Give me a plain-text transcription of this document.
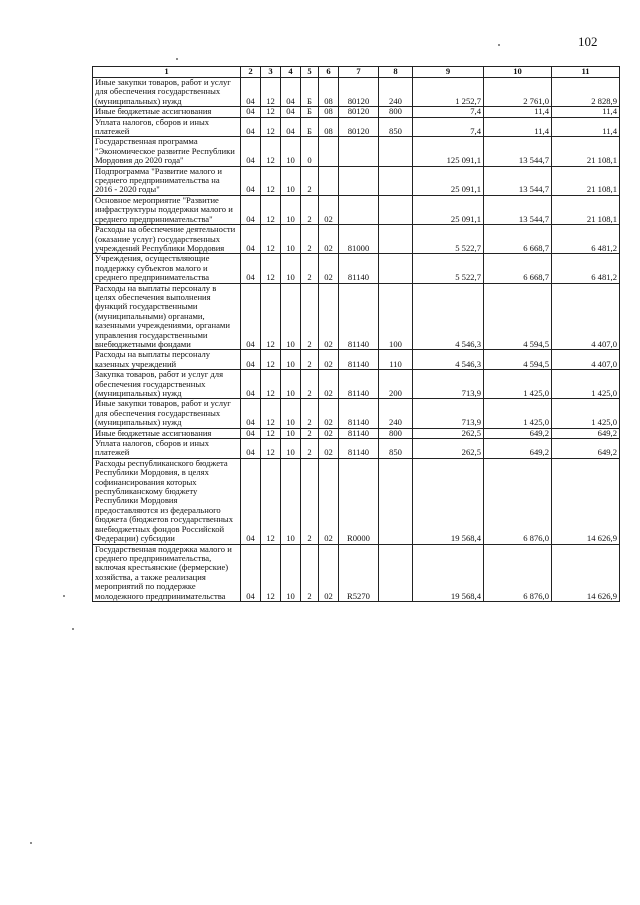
102
1	2	3	4	5	6	7	8	9	10	11
Иные закупки товаров, работ и услуг для обеспечения государственных (муниципальных) нужд	04	12	04	Б	08	80120	240	1 252,7	2 761,0	2 828,9
Иные бюджетные ассигнования	04	12	04	Б	08	80120	800	7,4	11,4	11,4
Уплата налогов, сборов и иных платежей	04	12	04	Б	08	80120	850	7,4	11,4	11,4
Государственная программа "Экономическое развитие Республики Мордовия до 2020 года"	04	12	10	0				125 091,1	13 544,7	21 108,1
Подпрограмма "Развитие малого и среднего предпринимательства на 2016 - 2020 годы"	04	12	10	2				25 091,1	13 544,7	21 108,1
Основное мероприятие "Развитие инфраструктуры поддержки малого и среднего предпринимательства"	04	12	10	2	02			25 091,1	13 544,7	21 108,1
Расходы на обеспечение деятельности (оказание услуг) государственных учреждений Республики Мордовия	04	12	10	2	02	81000		5 522,7	6 668,7	6 481,2
Учреждения, осуществляющие поддержку субъектов малого и среднего предпринимательства	04	12	10	2	02	81140		5 522,7	6 668,7	6 481,2
Расходы на выплаты персоналу в целях обеспечения выполнения функций государственными (муниципальными) органами, казенными учреждениями, органами управления государственными внебюджетными фондами	04	12	10	2	02	81140	100	4 546,3	4 594,5	4 407,0
Расходы на выплаты персоналу казенных учреждений	04	12	10	2	02	81140	110	4 546,3	4 594,5	4 407,0
Закупка товаров, работ и услуг для обеспечения государственных (муниципальных) нужд	04	12	10	2	02	81140	200	713,9	1 425,0	1 425,0
Иные закупки товаров, работ и услуг для обеспечения государственных (муниципальных) нужд	04	12	10	2	02	81140	240	713,9	1 425,0	1 425,0
Иные бюджетные ассигнования	04	12	10	2	02	81140	800	262,5	649,2	649,2
Уплата налогов, сборов и иных платежей	04	12	10	2	02	81140	850	262,5	649,2	649,2
Расходы республиканского бюджета Республики Мордовия, в целях софинансирования которых республиканскому бюджету Республики Мордовия предоставляются из федерального бюджета (бюджетов государственных внебюджетных фондов Российской Федерации) субсидии	04	12	10	2	02	R0000		19 568,4	6 876,0	14 626,9
Государственная поддержка малого и среднего предпринимательства, включая крестьянские (фермерские) хозяйства, а также реализация мероприятий по поддержке молодежного предпринимательства	04	12	10	2	02	R5270		19 568,4	6 876,0	14 626,9
